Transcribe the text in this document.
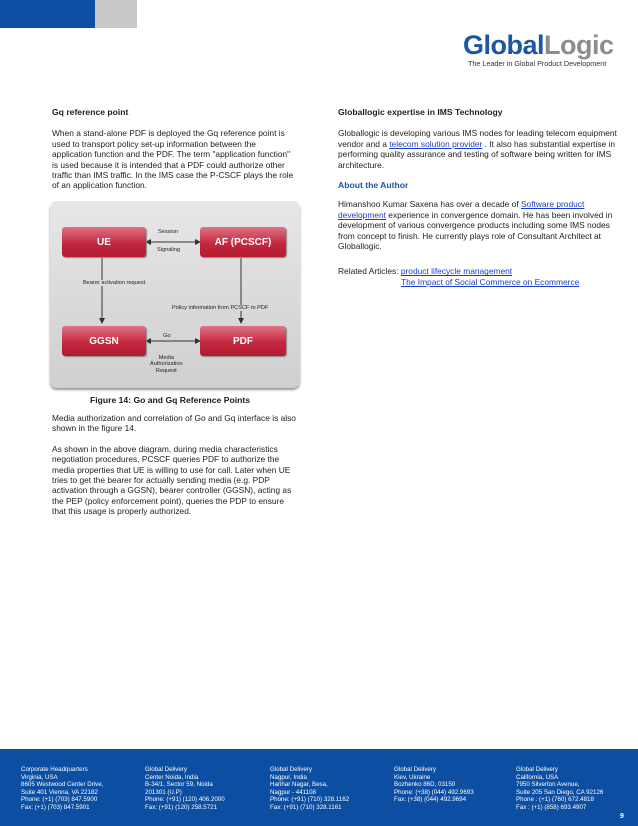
GlobalLogic
The Leader in Global Product Development
Gq reference point

When a stand-alone PDF is deployed the Gq reference point is used to transport policy set-up information between the application function and the PDF. The term "application function" is used because it is intended that a PDF could authorize other traffic than IMS traffic. In the IMS case the P-CSCF plays the role of an application function.

UE	AF (PCSCF)
GGSN	PDF
Session
Signaling
Bearer activation request
Policy information from PCSCF to PDF
Go
Media
Authorization
Request
Figure 14: Go and Gq Reference Points

Media authorization and correlation of Go and Gq interface is also shown in the figure 14.

As shown in the above diagram, during media characteristics negotiation procedures, PCSCF queries PDF to authorize the media properties that UE is willing to use for call. Later when UE tries to get the bearer for actually sending media (e.g. PDP activation through a GGSN), bearer controller (GGSN), acting as the PEP (policy enforcement point), queries the PDP to ensure that this usage is properly authorized.

Globallogic expertise in IMS Technology

Globallogic is developing various IMS nodes for leading telecom equipment vendor and a telecom solution provider . It also has substantial expertise in performing quality assurance and testing of software being written for IMS architecture.

About the Author

Himanshoo Kumar Saxena has over a decade of Software product development experience in convergence domain. He has been involved in development of various convergence products including some IMS nodes from concept to finish. He currently plays role of Consultant Architect at Globallogic.

Related Articles: product lifecycle management
The Impact of Social Commerce on Ecommerce

Corporate Headquarters
Virginia, USA
8605 Westwood Center Drive,
Suite 401 Vienna, VA 22182
Phone: (+1) (703) 847.5900
Fax: (+1) (703) 847.5901
Global Delivery
Center Noida, India
B-34/1, Sector 59, Noida
201301 (U.P)
Phone: (+91) (120) 406.2000
Fax: (+91) (120) 258.5721
Global Delivery
Nagpur, India
Harihar Nagar, Besa,
Nagpur - 441108
Phone: (+91) (710) 328.1162
Fax: (+91) (710) 328.1161
Global Delivery
Kiev, Ukraine
Bozhenko 86D, 03150
Phone: (+38) (044) 492.9693
Fax: (+38) (044) 492.9694
Global Delivery
California, USA
7950 Silverton Avenue,
Suite 205 San Diego, CA 92126
Phone : (+1) (760) 672.4818
Fax : (+1) (858) 693.4907
9
